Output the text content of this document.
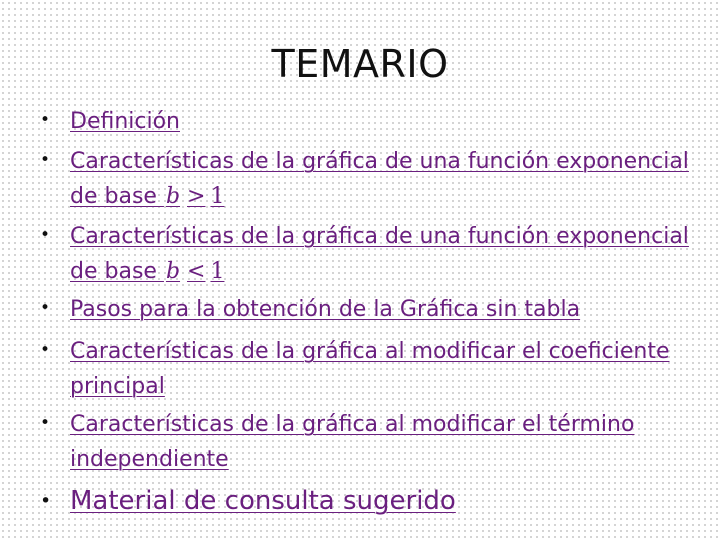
TEMARIO
• Definición
• Características de la gráfica de una función exponencial de base b > 1
• Características de la gráfica de una función exponencial de base b < 1
• Pasos para la obtención de la Gráfica sin tabla
• Características de la gráfica al modificar el coeficiente principal
• Características de la gráfica al modificar el término independiente
• Material de consulta sugerido
